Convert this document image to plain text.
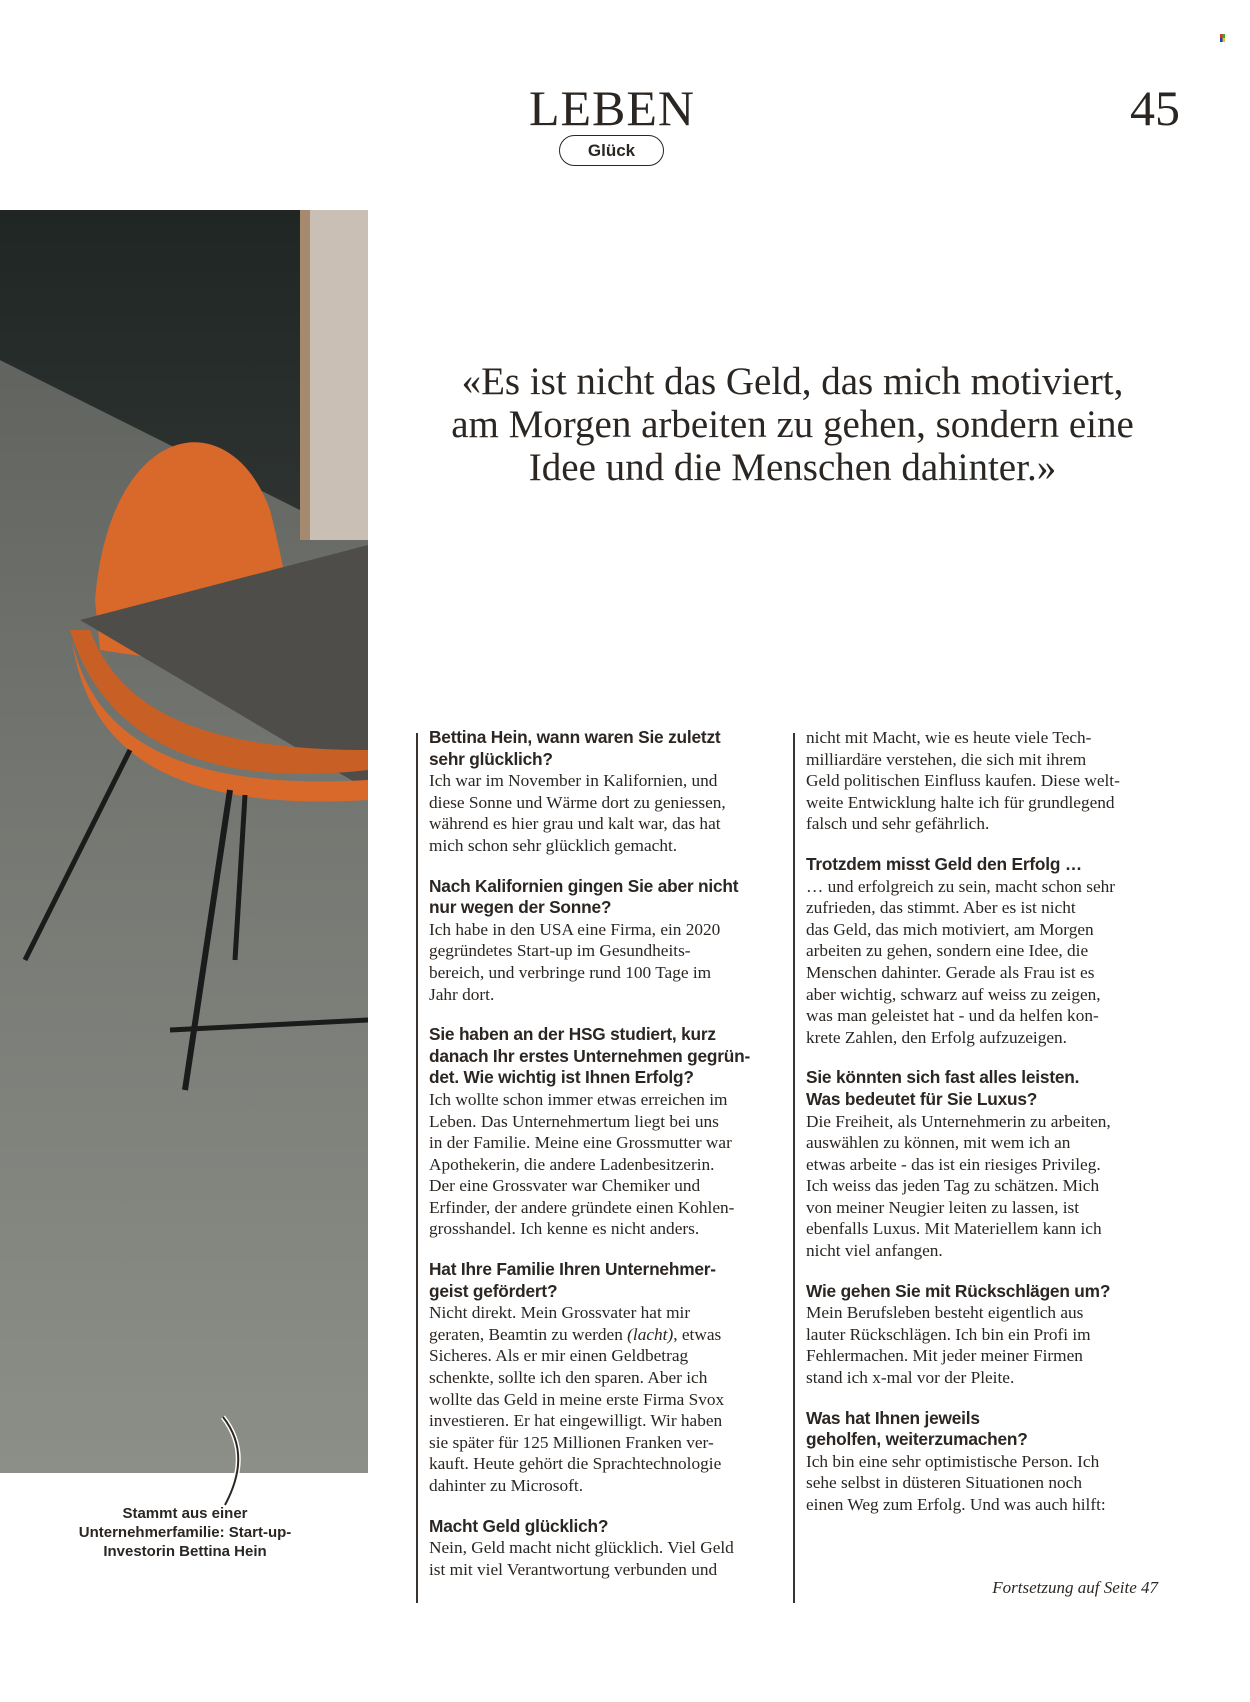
LEBEN	45
Glück
«Es ist nicht das Geld, das mich motiviert,
am Morgen arbeiten zu gehen, sondern eine
Idee und die Menschen dahinter.»
Bettina Hein, wann waren Sie zuletzt
sehr glücklich?
Ich war im November in Kalifornien, und
diese Sonne und Wärme dort zu geniessen,
während es hier grau und kalt war, das hat
mich schon sehr glücklich gemacht.
Nach Kalifornien gingen Sie aber nicht
nur wegen der Sonne?
Ich habe in den USA eine Firma, ein 2020
gegründetes Start-up im Gesundheits-
bereich, und verbringe rund 100 Tage im
Jahr dort.
Sie haben an der HSG studiert, kurz
danach Ihr erstes Unternehmen gegrün-
det. Wie wichtig ist Ihnen Erfolg?
Ich wollte schon immer etwas erreichen im
Leben. Das Unternehmertum liegt bei uns
in der Familie. Meine eine Grossmutter war
Apothekerin, die andere Ladenbesitzerin.
Der eine Grossvater war Chemiker und
Erfinder, der andere gründete einen Kohlen-
grosshandel. Ich kenne es nicht anders.
Hat Ihre Familie Ihren Unternehmer-
geist gefördert?
Nicht direkt. Mein Grossvater hat mir
geraten, Beamtin zu werden (lacht), etwas
Sicheres. Als er mir einen Geldbetrag
schenkte, sollte ich den sparen. Aber ich
wollte das Geld in meine erste Firma Svox
investieren. Er hat eingewilligt. Wir haben
sie später für 125 Millionen Franken ver-
kauft. Heute gehört die Sprachtechnologie
dahinter zu Microsoft.
Macht Geld glücklich?
Nein, Geld macht nicht glücklich. Viel Geld
ist mit viel Verantwortung verbunden und
nicht mit Macht, wie es heute viele Tech-
milliardäre verstehen, die sich mit ihrem
Geld politischen Einfluss kaufen. Diese welt-
weite Entwicklung halte ich für grundlegend
falsch und sehr gefährlich.
Trotzdem misst Geld den Erfolg …
… und erfolgreich zu sein, macht schon sehr
zufrieden, das stimmt. Aber es ist nicht
das Geld, das mich motiviert, am Morgen
arbeiten zu gehen, sondern eine Idee, die
Menschen dahinter. Gerade als Frau ist es
aber wichtig, schwarz auf weiss zu zeigen,
was man geleistet hat - und da helfen kon-
krete Zahlen, den Erfolg aufzuzeigen.
Sie könnten sich fast alles leisten.
Was bedeutet für Sie Luxus?
Die Freiheit, als Unternehmerin zu arbeiten,
auswählen zu können, mit wem ich an
etwas arbeite - das ist ein riesiges Privileg.
Ich weiss das jeden Tag zu schätzen. Mich
von meiner Neugier leiten zu lassen, ist
ebenfalls Luxus. Mit Materiellem kann ich
nicht viel anfangen.
Wie gehen Sie mit Rückschlägen um?
Mein Berufsleben besteht eigentlich aus
lauter Rückschlägen. Ich bin ein Profi im
Fehlermachen. Mit jeder meiner Firmen
stand ich x-mal vor der Pleite.
Was hat Ihnen jeweils
geholfen, weiterzumachen?
Ich bin eine sehr optimistische Person. Ich
sehe selbst in düsteren Situationen noch
einen Weg zum Erfolg. Und was auch hilft:
Stammt aus einer
Unternehmerfamilie: Start-up-
Investorin Bettina Hein
Fortsetzung auf Seite 47
